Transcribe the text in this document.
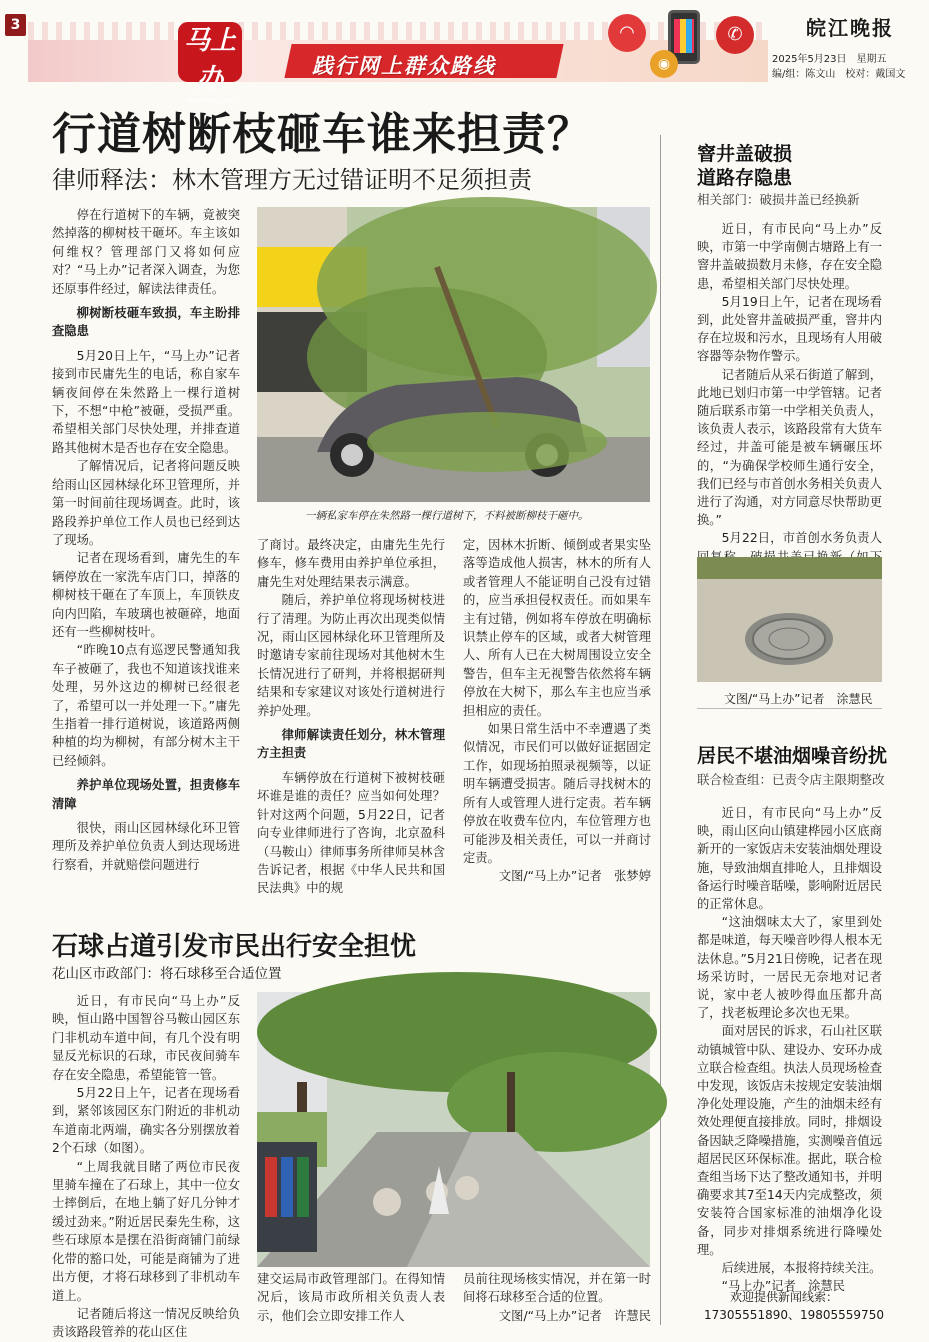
3
马上办
MASHANGBAN
践行网上群众路线
◠
◉
✆	皖江晚报
2025年5月23日　星期五
编/组：陈文山　校对：戴国文
行道树断枝砸车谁来担责？
律师释法：林木管理方无过错证明不足须担责

停在行道树下的车辆，竟被突然掉落的柳树枝干砸坏。车主该如何维权？管理部门又将如何应对？“马上办”记者深入调查，为您还原事件经过，解读法律责任。

柳树断枝砸车致损，车主盼排查隐患

5月20日上午，“马上办”记者接到市民庸先生的电话，称自家车辆夜间停在朱然路上一棵行道树下，不想“中枪”被砸，受损严重。希望相关部门尽快处理，并排查道路其他树木是否也存在安全隐患。

了解情况后，记者将问题反映给雨山区园林绿化环卫管理所，并第一时间前往现场调查。此时，该路段养护单位工作人员也已经到达了现场。

记者在现场看到，庸先生的车辆停放在一家洗车店门口，掉落的柳树枝干砸在了车顶上，车顶铁皮向内凹陷，车玻璃也被砸碎，地面还有一些柳树枝叶。

“昨晚10点有巡逻民警通知我车子被砸了，我也不知道该找谁来处理，另外这边的柳树已经很老了，希望可以一并处理一下。”庸先生指着一排行道树说，该道路两侧种植的均为柳树，有部分树木主干已经倾斜。

养护单位现场处置，担责修车清障

很快，雨山区园林绿化环卫管理所及养护单位负责人到达现场进行察看，并就赔偿问题进行

一辆私家车停在朱然路一棵行道树下，不料被断柳枝干砸中。

了商讨。最终决定，由庸先生先行修车，修车费用由养护单位承担，庸先生对处理结果表示满意。

随后，养护单位将现场树枝进行了清理。为防止再次出现类似情况，雨山区园林绿化环卫管理所及时邀请专家前往现场对其他树木生长情况进行了研判，并将根据研判结果和专家建议对该处行道树进行养护处理。

律师解读责任划分，林木管理方主担责

车辆停放在行道树下被树枝砸坏谁是谁的责任？应当如何处理？针对这两个问题，5月22日，记者向专业律师进行了咨询，北京盈科（马鞍山）律师事务所律师吴林含告诉记者，根据《中华人民共和国民法典》中的规

定，因林木折断、倾倒或者果实坠落等造成他人损害，林木的所有人或者管理人不能证明自己没有过错的，应当承担侵权责任。而如果车主有过错，例如将车停放在明确标识禁止停车的区域，或者大树管理人、所有人已在大树周围设立安全警告，但车主无视警告依然将车辆停放在大树下，那么车主也应当承担相应的责任。

如果日常生活中不幸遭遇了类似情况，市民们可以做好证据固定工作，如现场拍照录视频等，以证明车辆遭受损害。随后寻找树木的所有人或管理人进行定责。若车辆停放在收费车位内，车位管理方也可能涉及相关责任，可以一并商讨定责。

文图/“马上办”记者　张梦婷

石球占道引发市民出行安全担忧
花山区市政部门：将石球移至合适位置

近日，有市民向“马上办”反映，恒山路中国智谷马鞍山园区东门非机动车道中间，有几个没有明显反光标识的石球，市民夜间骑车存在安全隐患，希望能管一管。

5月22日上午，记者在现场看到，紧邻该园区东门附近的非机动车道南北两端，确实各分别摆放着2个石球（如图）。

“上周我就目睹了两位市民夜里骑车撞在了石球上，其中一位女士摔倒后，在地上躺了好几分钟才缓过劲来。”附近居民秦先生称，这些石球原本是摆在沿街商铺门前绿化带的豁口处，可能是商铺为了进出方便，才将石球移到了非机动车道上。

记者随后将这一情况反映给负责该路段管养的花山区住

建交运局市政管理部门。在得知情况后，该局市政所相关负责人表示，他们会立即安排工作人

员前往现场核实情况，并在第一时间将石球移至合适的位置。

文图/“马上办”记者　许慧民

窨井盖破损
道路存隐患
相关部门：破损井盖已经换新

近日，有市民向“马上办”反映，市第一中学南侧古塘路上有一窨井盖破损数月未修，存在安全隐患，希望相关部门尽快处理。

5月19日上午，记者在现场看到，此处窨井盖破损严重，窨井内存在垃圾和污水，且现场有人用破容器等杂物作警示。

记者随后从采石街道了解到，此地已划归市第一中学管辖。记者随后联系市第一中学相关负责人，该负责人表示，该路段常有大货车经过，井盖可能是被车辆碾压坏的，“为确保学校师生通行安全，我们已经与市首创水务相关负责人进行了沟通，对方同意尽快帮助更换。”

5月22日，市首创水务负责人

文图/“马上办”记者　涂慧民
居民不堪油烟噪音纷扰
联合检查组：已责令店主限期整改

近日，有市民向“马上办”反映，雨山区向山镇建桦园小区底商新开的一家饭店未安装油烟处理设施，导致油烟直排呛人，且排烟设备运行时噪音聒噪，影响附近居民的正常休息。

“这油烟味太大了，家里到处都是味道，每天噪音吵得人根本无法休息。”5月21日傍晚，记者在现场采访时，一居民无奈地对记者说，家中老人被吵得血压都升高了，找老板理论多次也无果。

面对居民的诉求，石山社区联动镇城管中队、建设办、安环办成立联合检查组。执法人员现场检查中发现，该饭店未按规定安装油烟净化处理设施，产生的油烟未经有效处理便直接排放。同时，排烟设备因缺乏降噪措施，实测噪音值远超居民区环保标准。据此，联合检查组当场下达了整改通知书，并明确要求其7至14天内完成整改，须安装符合国家标准的油烟净化设备，同步对排烟系统进行降噪处理。

后续进展，本报将持续关注。

“马上办”记者　涂慧民

欢迎提供新闻线索：
17305551890、19805559750
